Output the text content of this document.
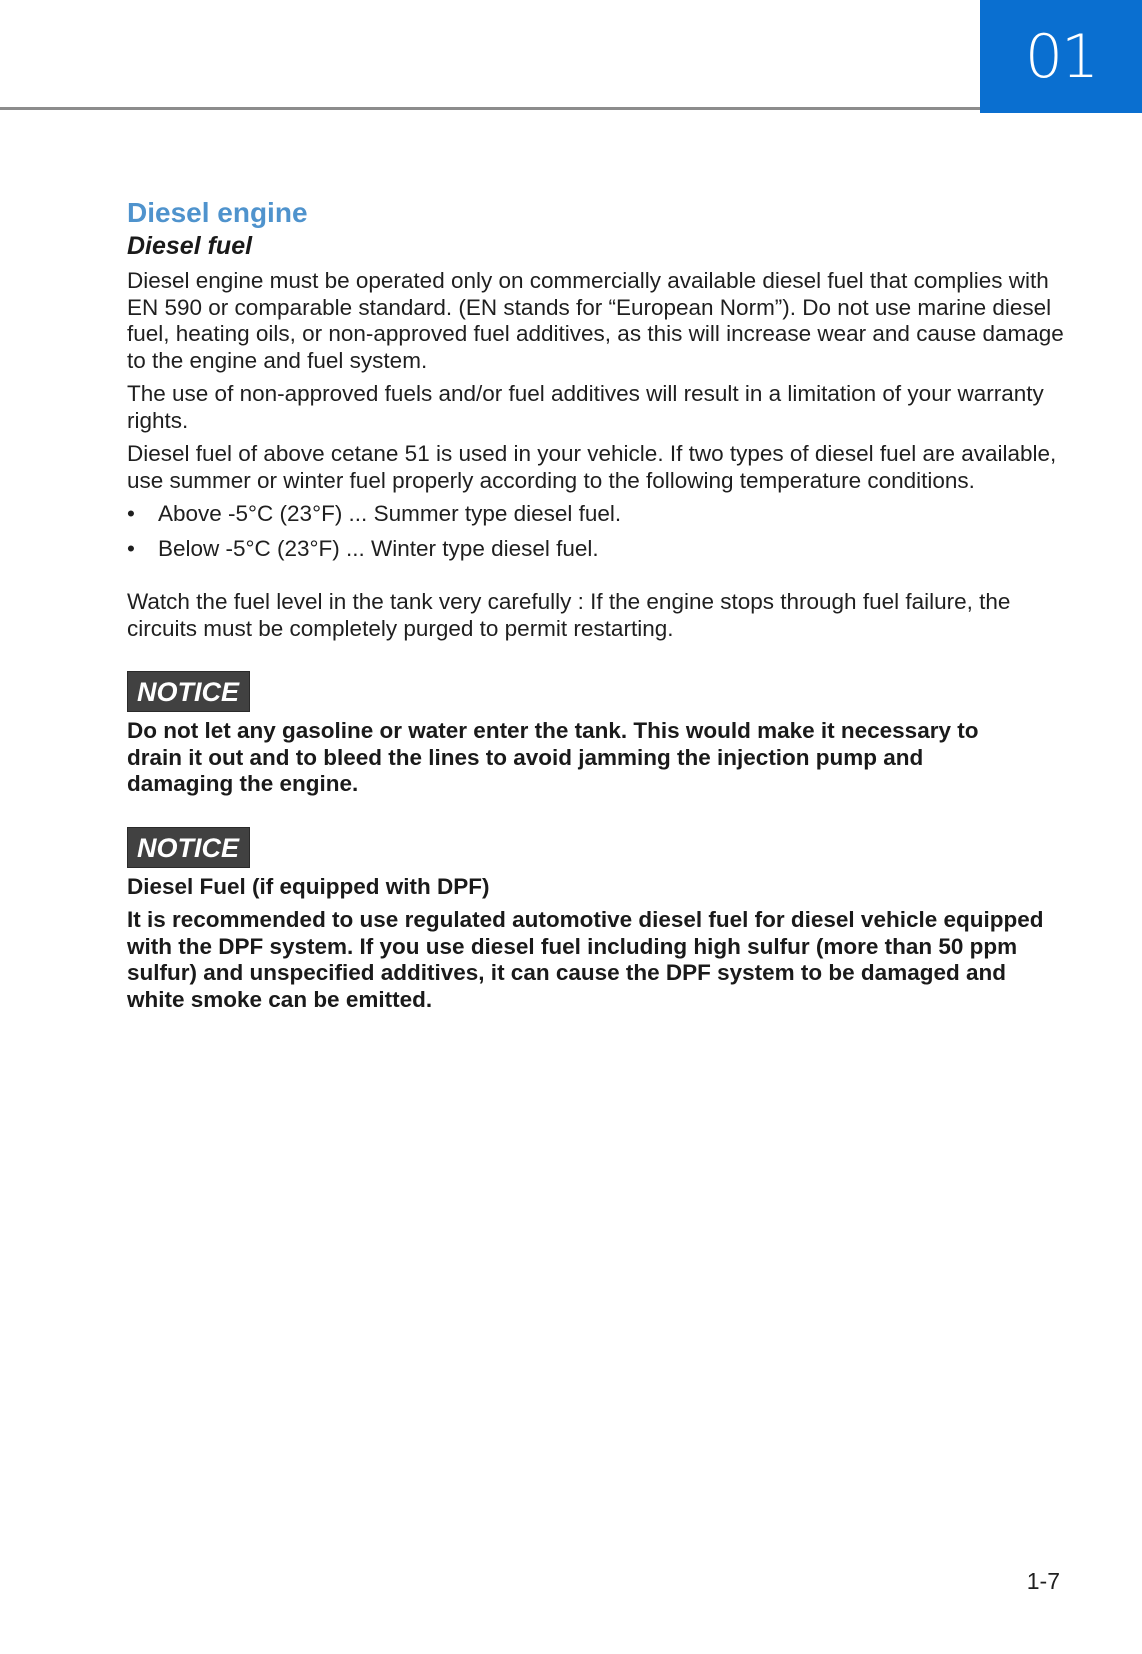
01
Diesel engine
Diesel fuel

Diesel engine must be operated only on commercially available diesel fuel that complies with EN 590 or comparable standard. (EN stands for “European Norm”). Do not use marine diesel fuel, heating oils, or non-approved fuel additives, as this will increase wear and cause damage to the engine and fuel system.

The use of non-approved fuels and/or fuel additives will result in a limitation of your warranty rights.

Diesel fuel of above cetane 51 is used in your vehicle. If two types of diesel fuel are available, use summer or winter fuel properly according to the following temperature conditions.

•	Above -5°C (23°F) ... Summer type diesel fuel.
•	Below -5°C (23°F) ... Winter type diesel fuel.

Watch the fuel level in the tank very carefully : If the engine stops through fuel failure, the circuits must be completely purged to permit restarting.

NOTICE

Do not let any gasoline or water enter the tank. This would make it necessary to drain it out and to bleed the lines to avoid jamming the injection pump and damaging the engine.

NOTICE

Diesel Fuel (if equipped with DPF)

It is recommended to use regulated automotive diesel fuel for diesel vehicle equipped with the DPF system. If you use diesel fuel including high sulfur (more than 50 ppm sulfur) and unspecified additives, it can cause the DPF system to be damaged and white smoke can be emitted.

1-7
